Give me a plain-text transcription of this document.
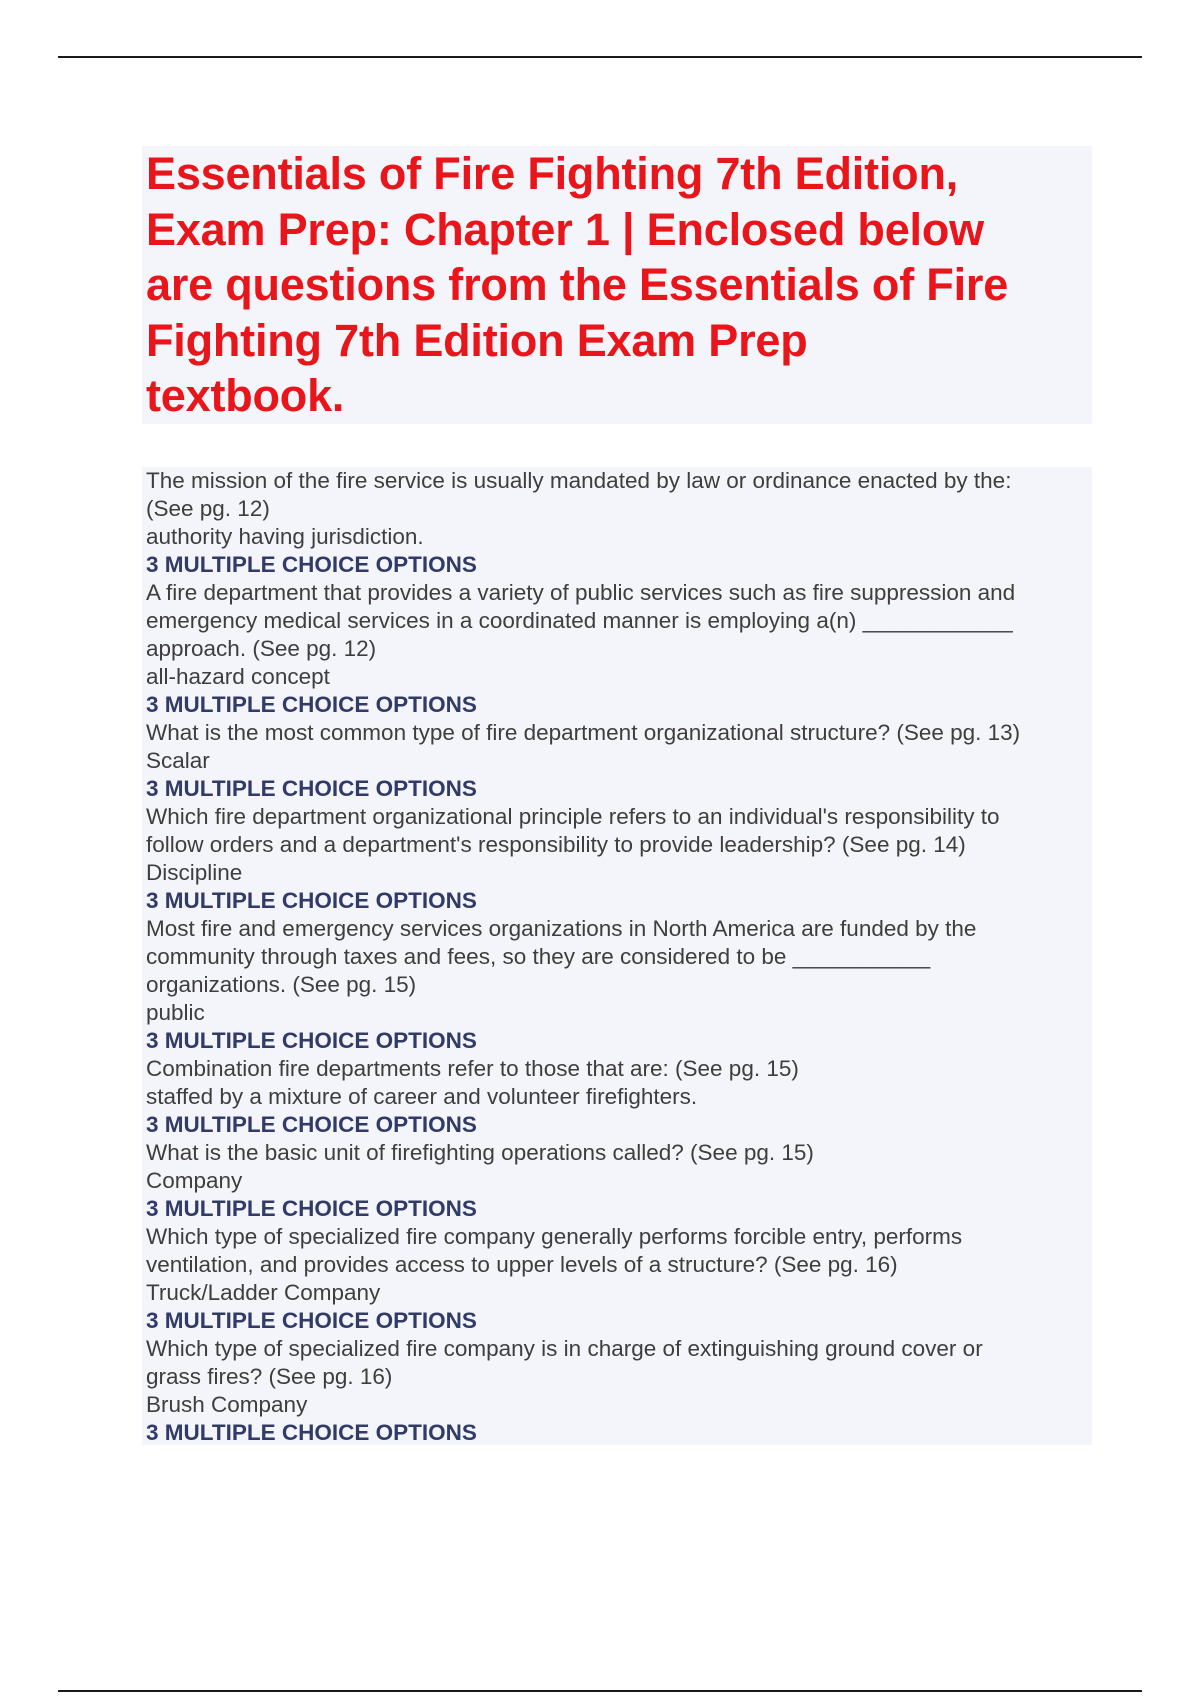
Essentials of Fire Fighting 7th Edition,
Exam Prep: Chapter 1 | Enclosed below
are questions from the Essentials of Fire
Fighting 7th Edition Exam Prep
textbook.
The mission of the fire service is usually mandated by law or ordinance enacted by the:
(See pg. 12)
authority having jurisdiction.
3 MULTIPLE CHOICE OPTIONS
A fire department that provides a variety of public services such as fire suppression and
emergency medical services in a coordinated manner is employing a(n) ____________
approach. (See pg. 12)
all-hazard concept
3 MULTIPLE CHOICE OPTIONS
What is the most common type of fire department organizational structure? (See pg. 13)
Scalar
3 MULTIPLE CHOICE OPTIONS
Which fire department organizational principle refers to an individual's responsibility to
follow orders and a department's responsibility to provide leadership? (See pg. 14)
Discipline
3 MULTIPLE CHOICE OPTIONS
Most fire and emergency services organizations in North America are funded by the
community through taxes and fees, so they are considered to be ___________
organizations. (See pg. 15)
public
3 MULTIPLE CHOICE OPTIONS
Combination fire departments refer to those that are: (See pg. 15)
staffed by a mixture of career and volunteer firefighters.
3 MULTIPLE CHOICE OPTIONS
What is the basic unit of firefighting operations called? (See pg. 15)
Company
3 MULTIPLE CHOICE OPTIONS
Which type of specialized fire company generally performs forcible entry, performs
ventilation, and provides access to upper levels of a structure? (See pg. 16)
Truck/Ladder Company
3 MULTIPLE CHOICE OPTIONS
Which type of specialized fire company is in charge of extinguishing ground cover or
grass fires? (See pg. 16)
Brush Company
3 MULTIPLE CHOICE OPTIONS
